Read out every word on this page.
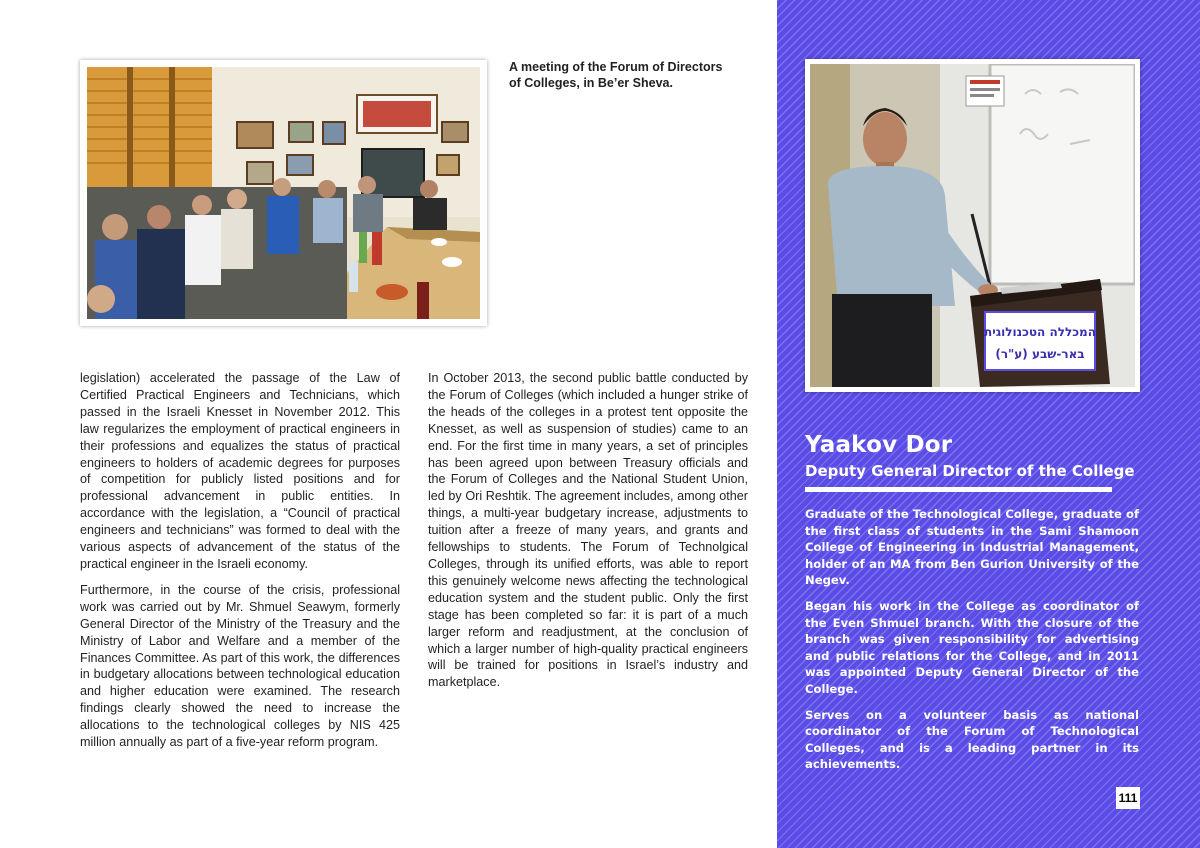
A meeting of the Forum of Directors
of Colleges, in Be’er Sheva.

legislation) accelerated the passage of the Law of Certified Practical Engineers and Technicians, which passed in the Israeli Knesset in November 2012. This law regularizes the employment of practical engineers in their professions and equalizes the status of practical engineers to holders of academic degrees for purposes of competition for publicly listed positions and for professional advancement in public entities. In accordance with the legislation, a “Council of practical engineers and technicians” was formed to deal with the various aspects of advancement of the status of the practical engineer in the Israeli economy.

Furthermore, in the course of the crisis, professional work was carried out by Mr. Shmuel Seawym, formerly General Director of the Ministry of the Treasury and the Ministry of Labor and Welfare and a member of the Finances Committee. As part of this work, the differences in budgetary allocations between technological education and higher education were examined. The research findings clearly showed the need to increase the allocations to the technological colleges by NIS 425 million annually as part of a five-year reform program.

In October 2013, the second public battle conducted by the Forum of Colleges (which included a hunger strike of the heads of the colleges in a protest tent opposite the Knesset, as well as suspension of studies) came to an end. For the first time in many years, a set of principles has been agreed upon between Treasury officials and the Forum of Colleges and the National Student Union, led by Ori Reshtik. The agreement includes, among other things, a multi-year budgetary increase, adjustments to tuition after a freeze of many years, and grants and fellowships to students. The Forum of Technolgical Colleges, through its unified efforts, was able to report this genuinely welcome news affecting the technological education system and the student public. Only the first stage has been completed so far: it is part of a much larger reform and readjustment, at the conclusion of which a larger number of high-quality practical engineers will be trained for positions in Israel’s industry and marketplace.

המכללה הטכנולוגית
באר-שבע (ע"ר)
Yaakov Dor
Deputy General Director of the College

Graduate of the Technological College, graduate of the first class of students in the Sami Shamoon College of Engineering in Industrial Management, holder of an MA from Ben Gurion University of the Negev.

Began his work in the College as coordinator of the Even Shmuel branch. With the closure of the branch was given responsibility for advertising and public relations for the College, and in 2011 was appointed Deputy General Director of the College.

Serves on a volunteer basis as national coordinator of the Forum of Technological Colleges, and is a leading partner in its achievements.

111
